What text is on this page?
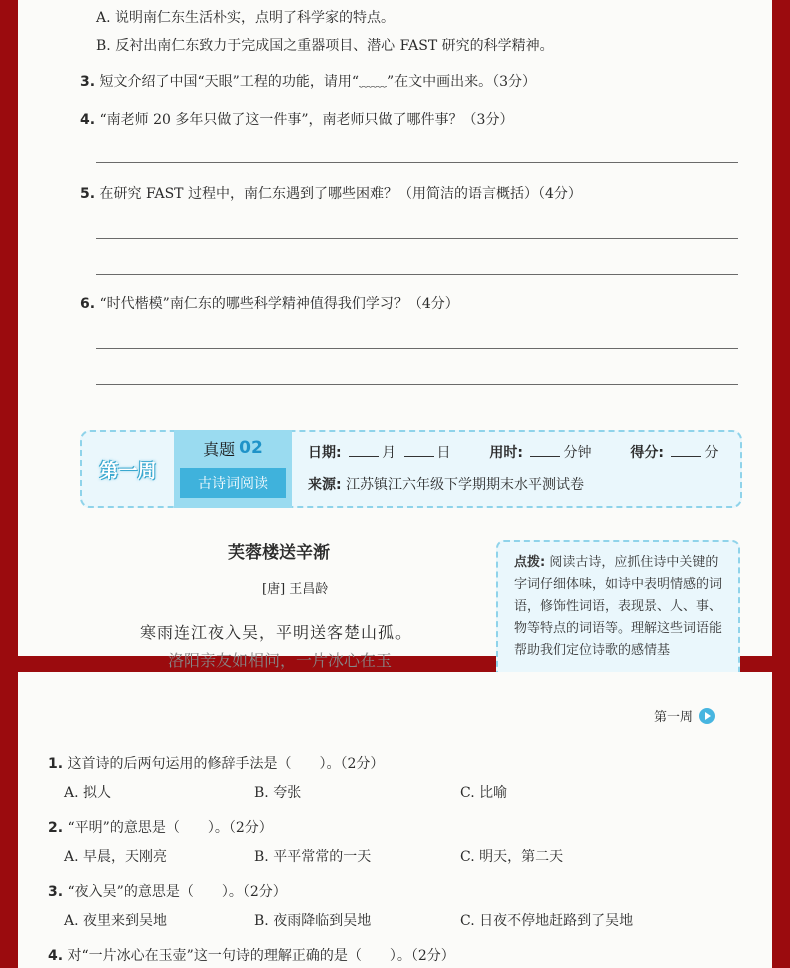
A. 说明南仁东生活朴实，点明了科学家的特点。
B. 反衬出南仁东致力于完成国之重器项目、潜心 FAST 研究的科学精神。
3. 短文介绍了中国“天眼”工程的功能，请用“﹏﹏”在文中画出来。（3分）
4. “南老师 20 多年只做了这一件事”，南老师只做了哪件事？（3分）
5. 在研究 FAST 过程中，南仁东遇到了哪些困难？（用简洁的语言概括）（4分）
6. “时代楷模”南仁东的哪些科学精神值得我们学习？（4分）
第一周
真题 02
古诗词阅读
日期:	月	日	用时:	分钟	得分:	分
来源: 江苏镇江六年级下学期期末水平测试卷
芙蓉楼送辛渐
[唐] 王昌龄
寒雨连江夜入吴，平明送客楚山孤。
洛阳亲友如相问，一片冰心在玉
点拨: 阅读古诗，应抓住诗中关键的字词仔细体味，如诗中表明情感的词语，修饰性词语，表现景、人、事、物等特点的词语等。理解这些词语能帮助我们定位诗歌的感情基
第一周
1. 这首诗的后两句运用的修辞手法是（　　）。（2分）
A. 拟人	B. 夸张	C. 比喻
2. “平明”的意思是（　　）。（2分）
A. 早晨，天刚亮	B. 平平常常的一天	C. 明天，第二天
3. “夜入吴”的意思是（　　）。（2分）
A. 夜里来到吴地	B. 夜雨降临到吴地	C. 日夜不停地赶路到了吴地
4. 对“一片冰心在玉壶”这一句诗的理解正确的是（　　）。（2分）
